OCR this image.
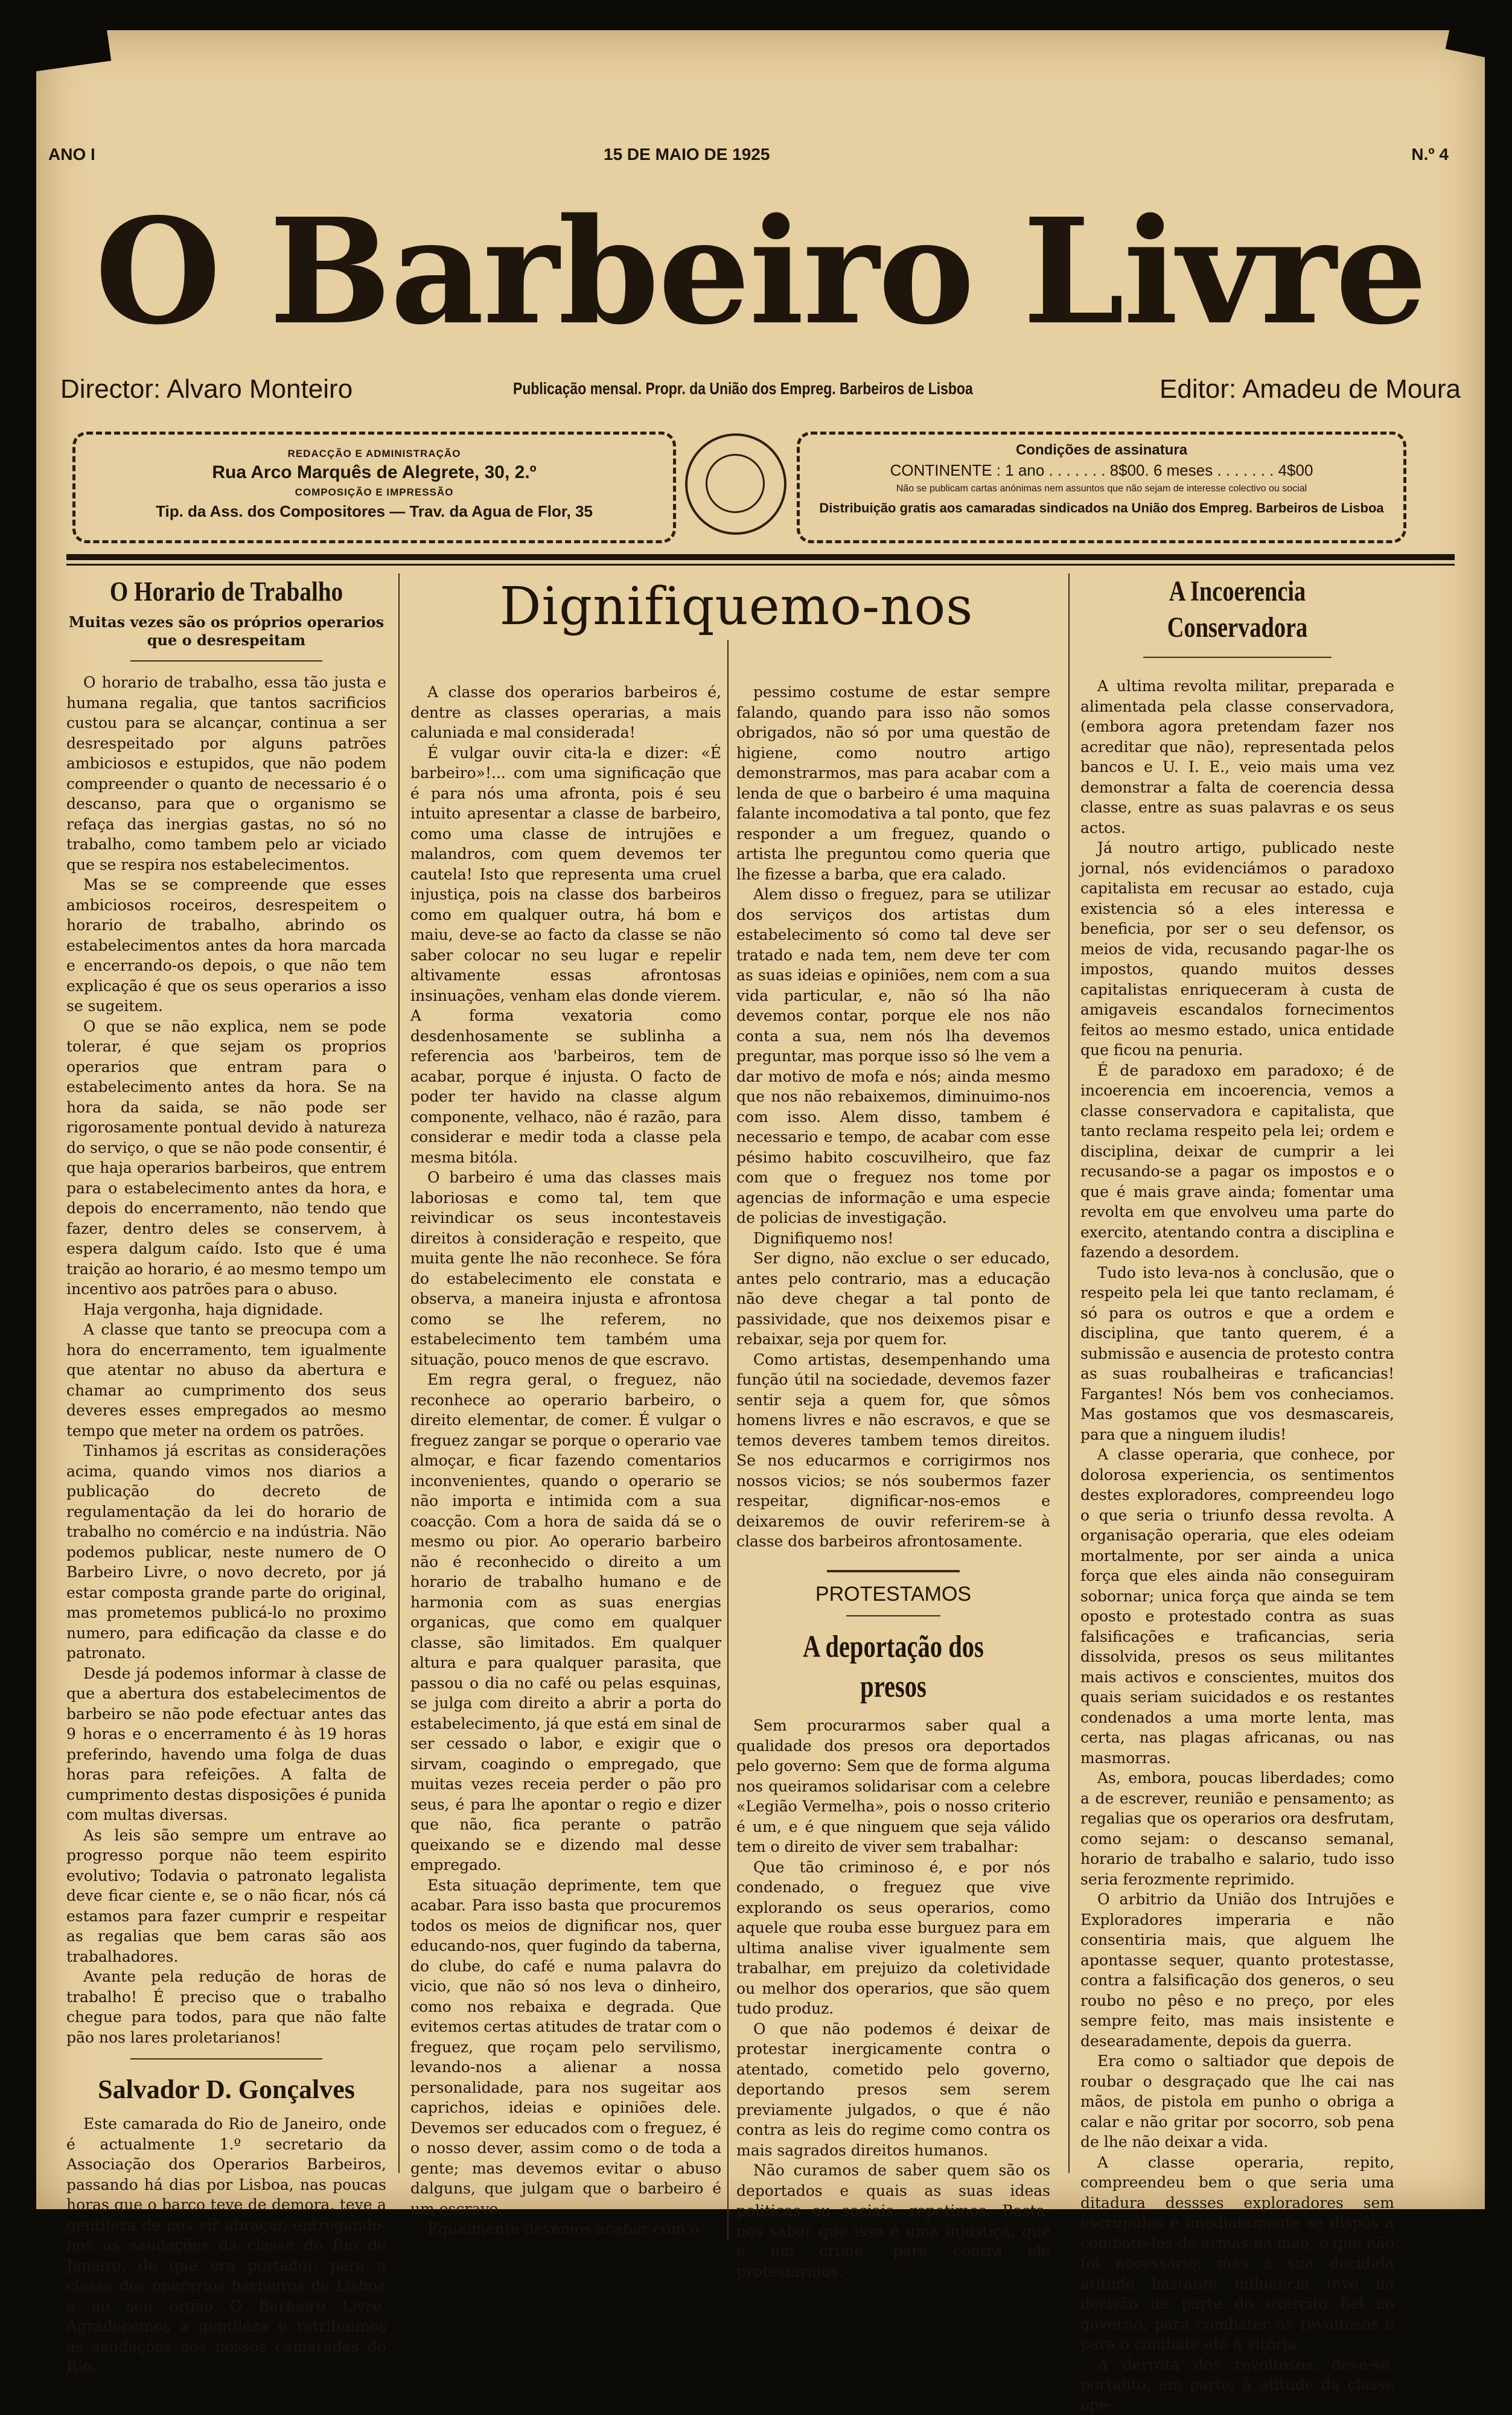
ANO I	15 DE MAIO DE 1925	N.º 4
O Barbeiro Livre
Director: Alvaro Monteiro	Publicação mensal. Propr. da União dos Empreg. Barbeiros de Lisboa	Editor: Amadeu de Moura
REDACÇÃO E ADMINISTRAÇÃO
Rua Arco Marquês de Alegrete, 30, 2.º
COMPOSIÇÃO E IMPRESSÃO
Tip. da Ass. dos Compositores — Trav. da Agua de Flor, 35
Condições de assinatura
CONTINENTE : 1 ano . . . . . . . 8$00. 6 meses . . . . . . . 4$00
Não se publicam cartas anónimas nem assuntos que não sejam de interesse colectivo ou social
Distribuição gratis aos camaradas sindicados na União dos Empreg. Barbeiros de Lisboa
O Horario de Trabalho
Muitas vezes são os próprios operarios que o desrespeitam

O horario de trabalho, essa tão justa e humana regalia, que tantos sacrificios custou para se alcançar, continua a ser desrespeitado por alguns patrões ambiciosos e estupidos, que não podem compreender o quanto de necessario é o descanso, para que o organismo se refaça das inergias gastas, no só no trabalho, como tambem pelo ar viciado que se respira nos estabelecimentos.

Mas se se compreende que esses ambiciosos roceiros, desrespeitem o horario de trabalho, abrindo os estabelecimentos antes da hora marcada e encerrando-os depois, o que não tem explicação é que os seus operarios a isso se sugeitem.

O que se não explica, nem se pode tolerar, é que sejam os proprios operarios que entram para o estabelecimento antes da hora. Se na hora da saida, se não pode ser rigorosamente pontual devido à natureza do serviço, o que se não pode consentir, é que haja operarios barbeiros, que entrem para o estabelecimento antes da hora, e depois do encerramento, não tendo que fazer, dentro deles se conservem, à espera dalgum caído. Isto que é uma traição ao horario, é ao mesmo tempo um incentivo aos patrões para o abuso.

Haja vergonha, haja dignidade.

A classe que tanto se preocupa com a hora do encerramento, tem igualmente que atentar no abuso da abertura e chamar ao cumprimento dos seus deveres esses empregados ao mesmo tempo que meter na ordem os patrões.

Tinhamos já escritas as considerações acima, quando vimos nos diarios a publicação do decreto de regulamentação da lei do horario de trabalho no comércio e na indústria. Não podemos publicar, neste numero de O Barbeiro Livre, o novo decreto, por já estar composta grande parte do original, mas prometemos publicá-lo no proximo numero, para edificação da classe e do patronato.

Desde já podemos informar à classe de que a abertura dos estabelecimentos de barbeiro se não pode efectuar antes das 9 horas e o encerramento é às 19 horas preferindo, havendo uma folga de duas horas para refeições. A falta de cumprimento destas disposições é punida com multas diversas.

As leis são sempre um entrave ao progresso porque não teem espirito evolutivo; Todavia o patronato legalista deve ficar ciente e, se o não ficar, nós cá estamos para fazer cumprir e respeitar as regalias que bem caras são aos trabalhadores.

Avante pela redução de horas de trabalho! É preciso que o trabalho chegue para todos, para que não falte pão nos lares proletarianos!

Salvador D. Gonçalves

Este camarada do Rio de Janeiro, onde é actualmente 1.º secretario da Associação dos Operarios Barbeiros, passando há dias por Lisboa, nas poucas horas que o barco teve de demora, teve a gentileza de nos vir abraçar, entregando-nos as saudações da classe do Rio de Janeiro, de que era portador, para a classe dos operarios barbeiros de Lisboa e ao seu orgão O Barbeiro Livre. Agradecemos a gentileza e retribuimos as saudações aos nossos camaradas do Rio.

Dignifiquemo-nos

A classe dos operarios barbeiros é, dentre as classes operarias, a mais caluniada e mal considerada!

É vulgar ouvir cita-la e dizer: «É barbeiro»!... com uma significação que é para nós uma afronta, pois é seu intuito apresentar a classe de barbeiro, como uma classe de intrujões e malandros, com quem devemos ter cautela! Isto que representa uma cruel injustiça, pois na classe dos barbeiros como em qualquer outra, há bom e maiu, deve-se ao facto da classe se não saber colocar no seu lugar e repelir altivamente essas afrontosas insinuações, venham elas donde vierem. A forma vexatoria como desdenhosamente se sublinha a referencia aos 'barbeiros, tem de acabar, porque é injusta. O facto de poder ter havido na classe algum componente, velhaco, não é razão, para considerar e medir toda a classe pela mesma bitóla.

O barbeiro é uma das classes mais laboriosas e como tal, tem que reivindicar os seus incontestaveis direitos à consideração e respeito, que muita gente lhe não reconhece. Se fóra do estabelecimento ele constata e observa, a maneira injusta e afrontosa como se lhe referem, no estabelecimento tem também uma situação, pouco menos de que escravo.

Em regra geral, o freguez, não reconhece ao operario barbeiro, o direito elementar, de comer. É vulgar o freguez zangar se porque o operario vae almoçar, e ficar fazendo comentarios inconvenientes, quando o operario se não importa e intimida com a sua coacção. Com a hora de saida dá se o mesmo ou pior. Ao operario barbeiro não é reconhecido o direito a um horario de trabalho humano e de harmonia com as suas energias organicas, que como em qualquer classe, são limitados. Em qualquer altura e para qualquer parasita, que passou o dia no café ou pelas esquinas, se julga com direito a abrir a porta do estabelecimento, já que está em sinal de ser cessado o labor, e exigir que o sirvam, coagindo o empregado, que muitas vezes receia perder o pão pro seus, é para lhe apontar o regio e dizer que não, fica perante o patrão queixando se e dizendo mal desse empregado.

Esta situação deprimente, tem que acabar. Para isso basta que procuremos todos os meios de dignificar nos, quer educando-nos, quer fugindo da taberna, do clube, do café e numa palavra do vicio, que não só nos leva o dinheiro, como nos rebaixa e degrada. Que evitemos certas atitudes de tratar com o freguez, que roçam pelo servilismo, levando-nos a alienar a nossa personalidade, para nos sugeitar aos caprichos, ideias e opiniões dele. Devemos ser educados com o freguez, é o nosso dever, assim como o de toda a gente; mas devemos evitar o abuso dalguns, que julgam que o barbeiro é um escravo.

Egualmente devemos acabar com o

pessimo costume de estar sempre falando, quando para isso não somos obrigados, não só por uma questão de higiene, como noutro artigo demonstrarmos, mas para acabar com a lenda de que o barbeiro é uma maquina falante incomodativa a tal ponto, que fez responder a um freguez, quando o artista lhe preguntou como queria que lhe fizesse a barba, que era calado.

Alem disso o freguez, para se utilizar dos serviços dos artistas dum estabelecimento só como tal deve ser tratado e nada tem, nem deve ter com as suas ideias e opiniões, nem com a sua vida particular, e, não só lha não devemos contar, porque ele nos não conta a sua, nem nós lha devemos preguntar, mas porque isso só lhe vem a dar motivo de mofa e nós; ainda mesmo que nos não rebaixemos, diminuimo-nos com isso. Alem disso, tambem é necessario e tempo, de acabar com esse pésimo habito coscuvilheiro, que faz com que o freguez nos tome por agencias de informação e uma especie de policias de investigação.

Dignifiquemo nos!

Ser digno, não exclue o ser educado, antes pelo contrario, mas a educação não deve chegar a tal ponto de passividade, que nos deixemos pisar e rebaixar, seja por quem for.

Como artistas, desempenhando uma função útil na sociedade, devemos fazer sentir seja a quem for, que sômos homens livres e não escravos, e que se temos deveres tambem temos direitos. Se nos educarmos e corrigirmos nos nossos vicios; se nós soubermos fazer respeitar, dignificar-nos-emos e deixaremos de ouvir referirem-se à classe dos barbeiros afrontosamente.

PROTESTAMOS
A deportação dos presos

Sem procurarmos saber qual a qualidade dos presos ora deportados pelo governo: Sem que de forma alguma nos queiramos solidarisar com a celebre «Legião Vermelha», pois o nosso criterio é um, e é que ninguem que seja válido tem o direito de viver sem trabalhar:

Que tão criminoso é, e por nós condenado, o freguez que vive explorando os seus operarios, como aquele que rouba esse burguez para em ultima analise viver igualmente sem trabalhar, em prejuizo da coletividade ou melhor dos operarios, que são quem tudo produz.

O que não podemos é deixar de protestar inergicamente contra o atentado, cometido pelo governo, deportando presos sem serem previamente julgados, o que é não contra as leis do regime como contra os mais sagrados direitos humanos.

Não curamos de saber quem são os deportados e quais as suas ideas politicas ou sociais, repetimos. Basta-nos saber que isso é uma injustiça, que é um crime, para contra ele protestarmos.

A Incoerencia Conservadora

A ultima revolta militar, preparada e alimentada pela classe conservadora, (embora agora pretendam fazer nos acreditar que não), representada pelos bancos e U. I. E., veio mais uma vez demonstrar a falta de coerencia dessa classe, entre as suas palavras e os seus actos.

Já noutro artigo, publicado neste jornal, nós evidenciámos o paradoxo capitalista em recusar ao estado, cuja existencia só a eles interessa e beneficia, por ser o seu defensor, os meios de vida, recusando pagar-lhe os impostos, quando muitos desses capitalistas enriqueceram à custa de amigaveis escandalos fornecimentos feitos ao mesmo estado, unica entidade que ficou na penuria.

É de paradoxo em paradoxo; é de incoerencia em incoerencia, vemos a classe conservadora e capitalista, que tanto reclama respeito pela lei; ordem e disciplina, deixar de cumprir a lei recusando-se a pagar os impostos e o que é mais grave ainda; fomentar uma revolta em que envolveu uma parte do exercito, atentando contra a disciplina e fazendo a desordem.

Tudo isto leva-nos à conclusão, que o respeito pela lei que tanto reclamam, é só para os outros e que a ordem e disciplina, que tanto querem, é a submissão e ausencia de protesto contra as suas roubalheiras e traficancias! Fargantes! Nós bem vos conheciamos. Mas gostamos que vos desmascareis, para que a ninguem iludis!

A classe operaria, que conhece, por dolorosa experiencia, os sentimentos destes exploradores, compreendeu logo o que seria o triunfo dessa revolta. A organisação operaria, que eles odeiam mortalmente, por ser ainda a unica força que eles ainda não conseguiram sobornar; unica força que ainda se tem oposto e protestado contra as suas falsificações e traficancias, seria dissolvida, presos os seus militantes mais activos e conscientes, muitos dos quais seriam suicidados e os restantes condenados a uma morte lenta, mas certa, nas plagas africanas, ou nas masmorras.

As, embora, poucas liberdades; como a de escrever, reunião e pensamento; as regalias que os operarios ora desfrutam, como sejam: o descanso semanal, horario de trabalho e salario, tudo isso seria ferozmente reprimido.

O arbitrio da União dos Intrujões e Exploradores imperaria e não consentiria mais, que alguem lhe apontasse sequer, quanto protestasse, contra a falsificação dos generos, o seu roubo no pêso e no preço, por eles sempre feito, mas mais insistente e desearadamente, depois da guerra.

Era como o saltiador que depois de roubar o desgraçado que lhe cai nas mãos, de pistola em punho o obriga a calar e não gritar por socorro, sob pena de lhe não deixar a vida.

A classe operaria, repito, compreendeu bem o que seria uma ditadura dessses exploradores sem escrupulos e imediatamente se dispôs a combate-los de armas na mão, o que não foi necessario; mas a sua decidida atitude bastante influencia teve na decisão da parte do exercito fiel ao governo, para combater os revoltosos e para o combate até à vitória.

A derrota dos revoltosos, deve-se, portanto, em parte, à atitude da classe ope-
